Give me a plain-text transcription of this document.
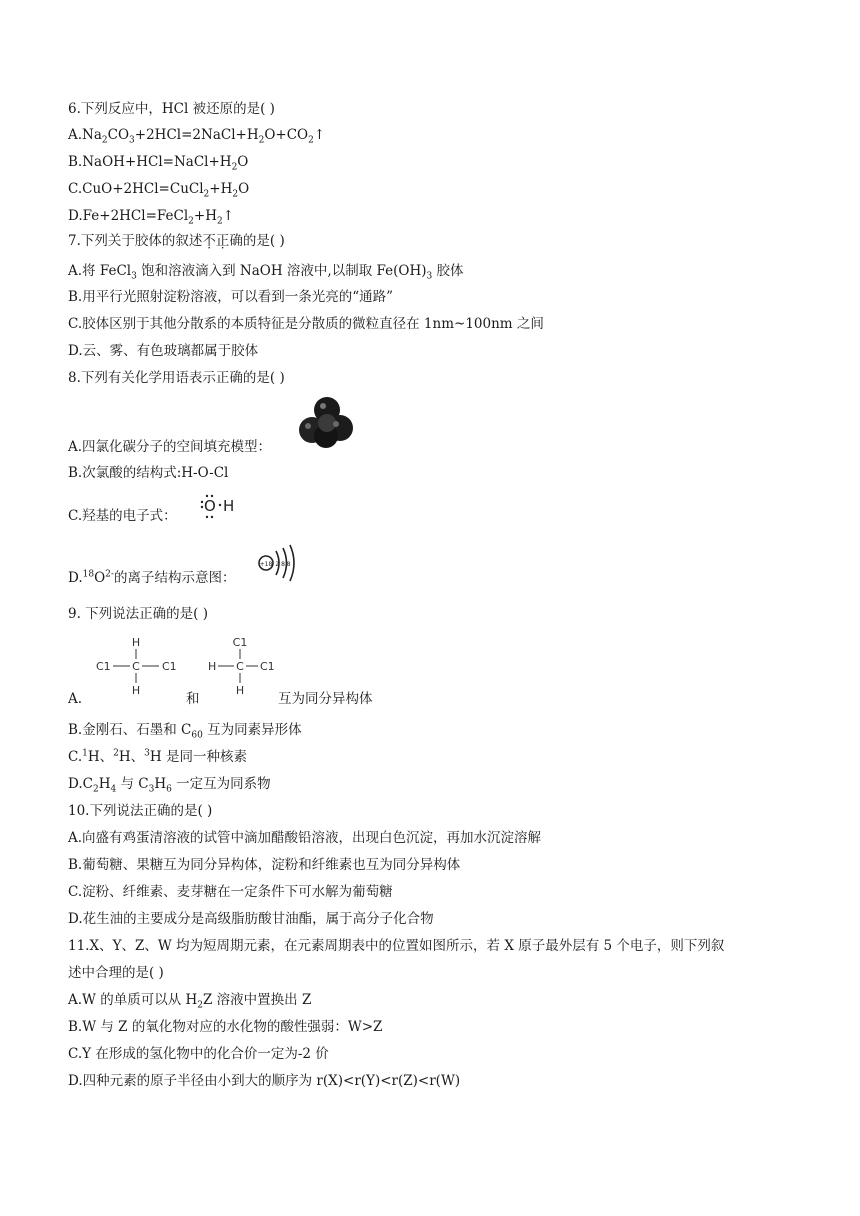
6.下列反应中，HCl 被还原的是( )
$A.Na_2CO_3+2HCl=2NaCl+H_2O+CO_2↑$
$B.NaOH+HCl=NaCl+H_2O$
$C.CuO+2HCl=CuCl_2+H_2O$
$D.Fe+2HCl=FeCl_2+H_2↑$
7.下列关于胶体的叙述不正确的是( )
A.将 FeCl$_3$ 饱和溶液滴入到 NaOH 溶液中,以制取 $Fe(OH)_3$ 胶体
B.用平行光照射淀粉溶液，可以看到一条光亮的“通路”
C.胶体区别于其他分散系的本质特征是分散质的微粒直径在 1nm~100nm 之间
D.云、雾、有色玻璃都属于胶体
8.下列有关化学用语表示正确的是( )
A.四氯化碳分子的空间填充模型：
B.次氯酸的结构式:H-O-Cl
C.羟基的电子式：
O H
$D.^{18}O^{2-}$的离子结构示意图：
+18 2 8 8
9. 下列说法正确的是( )
H
C1 C C1
H
C1
H C C1
H
A.	和	互为同分异构体
B.金刚石、石墨和 $C_{60}$ 互为同素异形体
C.$^1$H、$^2$H、$^3$H 是同一种核素
$D.C_2H_4$ 与 $C_3H_6$ 一定互为同系物
10.下列说法正确的是( )
A.向盛有鸡蛋清溶液的试管中滴加醋酸铅溶液，出现白色沉淀，再加水沉淀溶解
B.葡萄糖、果糖互为同分异构体，淀粉和纤维素也互为同分异构体
C.淀粉、纤维素、麦芽糖在一定条件下可水解为葡萄糖
D.花生油的主要成分是高级脂肪酸甘油酯，属于高分子化合物
11.X、Y、Z、W 均为短周期元素，在元素周期表中的位置如图所示，若 X 原子最外层有 5 个电子，则下列叙
述中合理的是( )
A.W 的单质可以从 $H_2Z$ 溶液中置换出 Z
B.W 与 Z 的氧化物对应的水化物的酸性强弱：W>Z
C.Y 在形成的氢化物中的化合价一定为-2 价
D.四种元素的原子半径由小到大的顺序为 r(X)<r(Y)<r(Z)<r(W)
